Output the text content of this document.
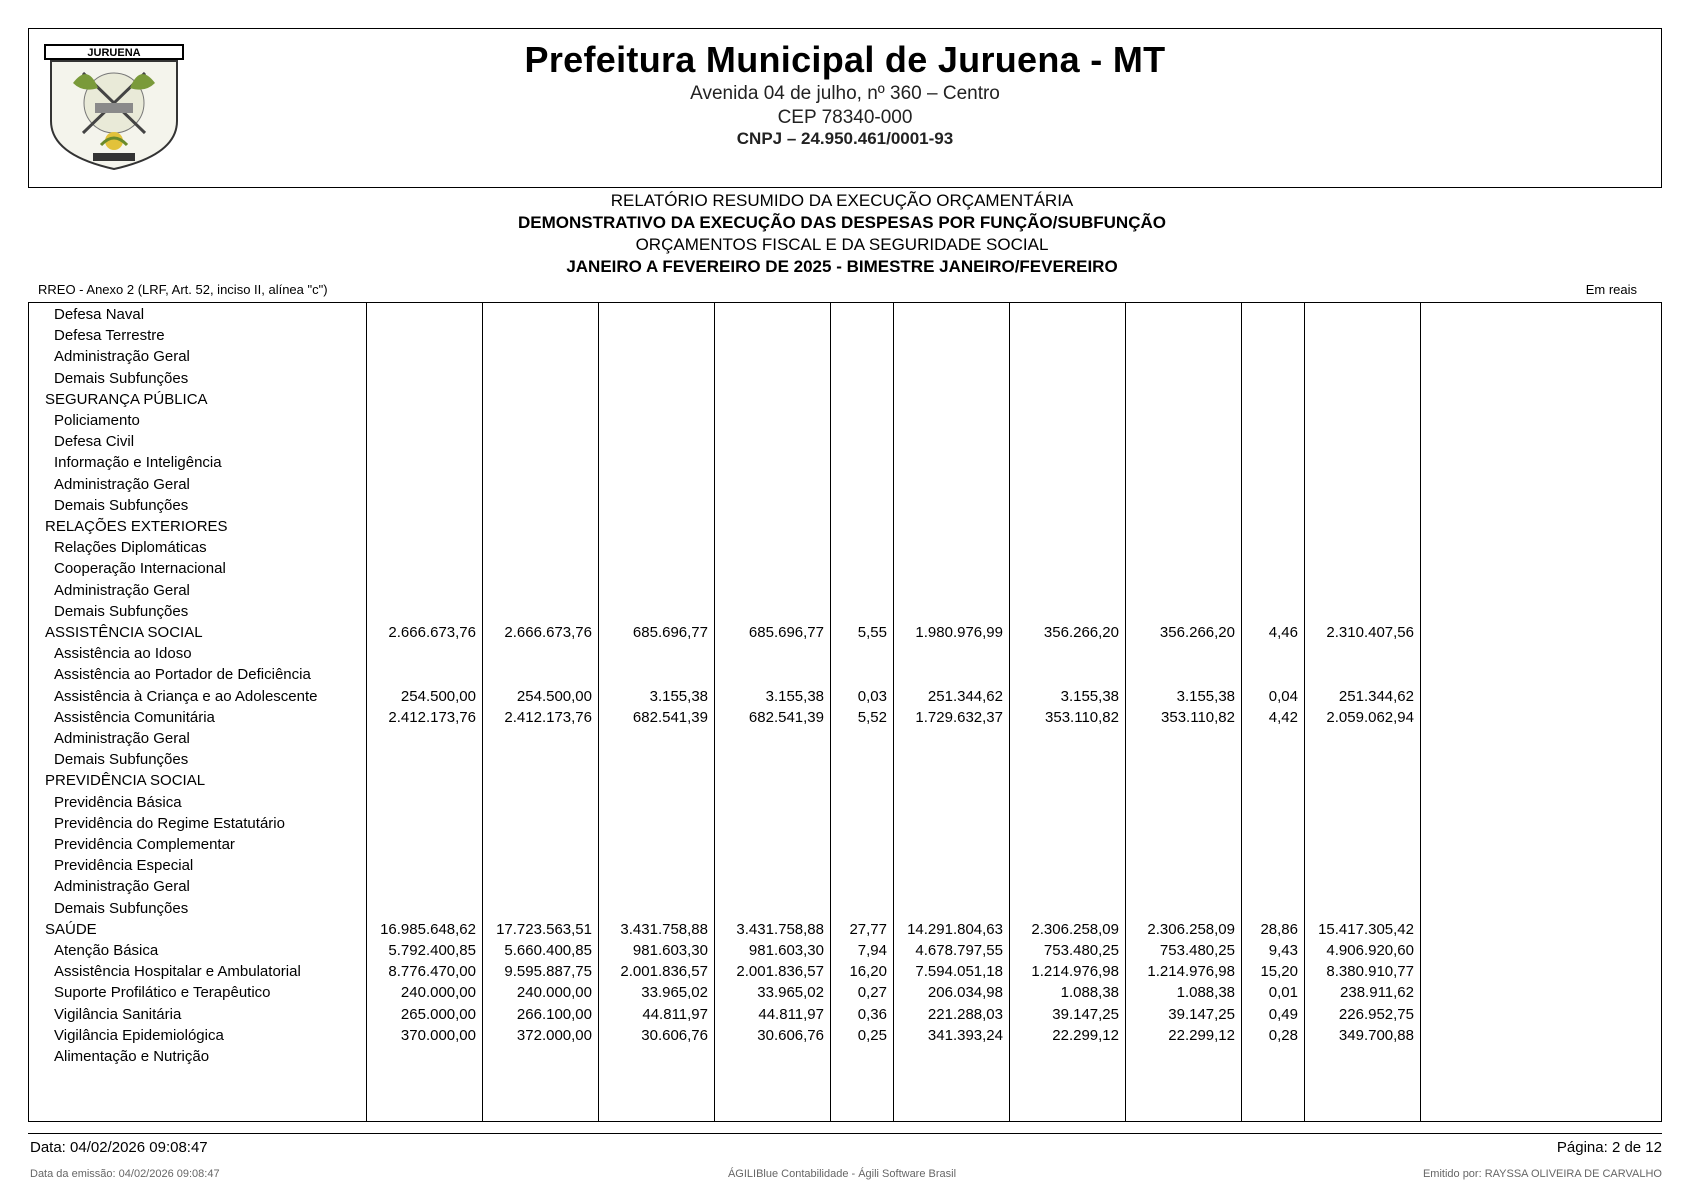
JURUENA	Prefeitura Municipal de Juruena - MT
Avenida 04 de julho, nº 360 – Centro
CEP 78340-000
CNPJ – 24.950.461/0001-93
RELATÓRIO RESUMIDO DA EXECUÇÃO ORÇAMENTÁRIA
DEMONSTRATIVO DA EXECUÇÃO DAS DESPESAS POR FUNÇÃO/SUBFUNÇÃO
ORÇAMENTOS FISCAL E DA SEGURIDADE SOCIAL
JANEIRO A FEVEREIRO DE 2025 - BIMESTRE JANEIRO/FEVEREIRO
RREO - Anexo 2 (LRF, Art. 52, inciso II, alínea "c")	Em reais
Defesa Naval
Defesa Terrestre
Administração Geral
Demais Subfunções
SEGURANÇA PÚBLICA
Policiamento
Defesa Civil
Informação e Inteligência
Administração Geral
Demais Subfunções
RELAÇÕES EXTERIORES
Relações Diplomáticas
Cooperação Internacional
Administração Geral
Demais Subfunções
ASSISTÊNCIA SOCIAL	2.666.673,76 2.666.673,76	685.696,77	685.696,77 5,55 1.980.976,99	356.266,20	356.266,20 4,46 2.310.407,56
Assistência ao Idoso
Assistência ao Portador de Deficiência
Assistência à Criança e ao Adolescente	254.500,00	254.500,00	3.155,38	3.155,38 0,03	251.344,62	3.155,38	3.155,38 0,04	251.344,62
Assistência Comunitária	2.412.173,76 2.412.173,76	682.541,39	682.541,39 5,52 1.729.632,37	353.110,82	353.110,82 4,42 2.059.062,94
Administração Geral
Demais Subfunções
PREVIDÊNCIA SOCIAL
Previdência Básica
Previdência do Regime Estatutário
Previdência Complementar
Previdência Especial
Administração Geral
Demais Subfunções
SAÚDE	16.985.648,62 17.723.563,51 3.431.758,88 3.431.758,88 27,77 14.291.804,63 2.306.258,09 2.306.258,09 28,86 15.417.305,42
Atenção Básica	5.792.400,85 5.660.400,85	981.603,30	981.603,30 7,94 4.678.797,55	753.480,25	753.480,25 9,43 4.906.920,60
Assistência Hospitalar e Ambulatorial	8.776.470,00 9.595.887,75 2.001.836,57 2.001.836,57 16,20 7.594.051,18 1.214.976,98 1.214.976,98 15,20 8.380.910,77
Suporte Profilático e Terapêutico	240.000,00	240.000,00	33.965,02	33.965,02 0,27	206.034,98	1.088,38	1.088,38 0,01	238.911,62
Vigilância Sanitária	265.000,00	266.100,00	44.811,97	44.811,97 0,36	221.288,03	39.147,25	39.147,25 0,49	226.952,75
Vigilância Epidemiológica	370.000,00	372.000,00	30.606,76	30.606,76 0,25	341.393,24	22.299,12	22.299,12 0,28	349.700,88
Alimentação e Nutrição
Data: 04/02/2026 09:08:47	Página: 2 de 12
Data da emissão: 04/02/2026 09:08:47	ÁGILIBlue Contabilidade - Ágili Software Brasil	Emitido por: RAYSSA OLIVEIRA DE CARVALHO
